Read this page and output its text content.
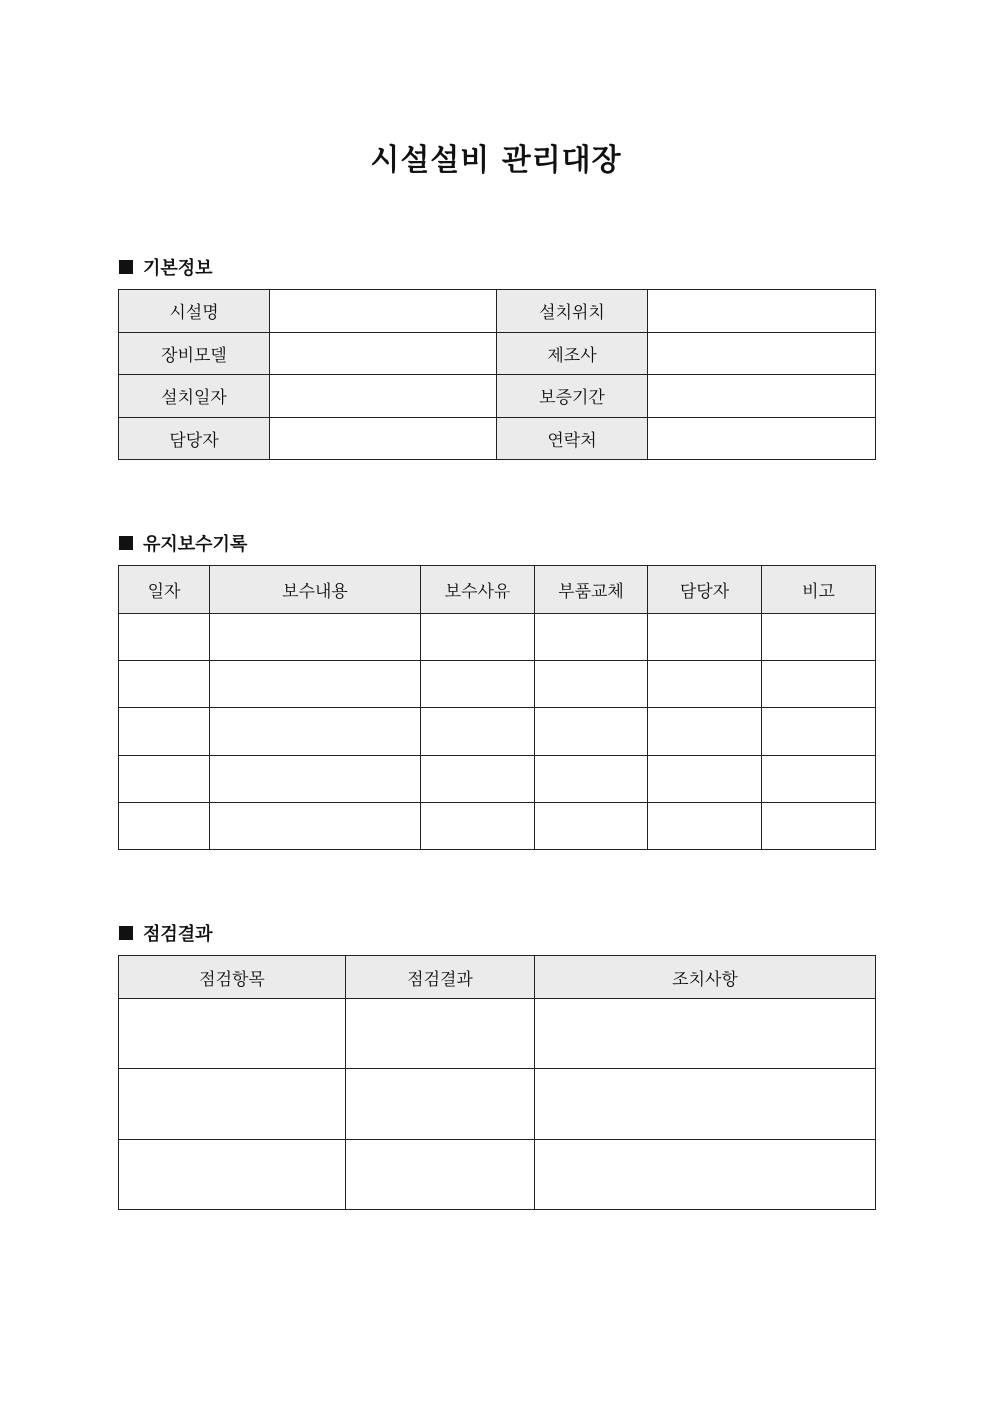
시설설비 관리대장
기본정보
시설명		설치위치	
장비모델		제조사	
설치일자		보증기간	
담당자		연락처	
유지보수기록
일자	보수내용	보수사유	부품교체	담당자	비고

점검결과
점검항목	점검결과	조치사항
